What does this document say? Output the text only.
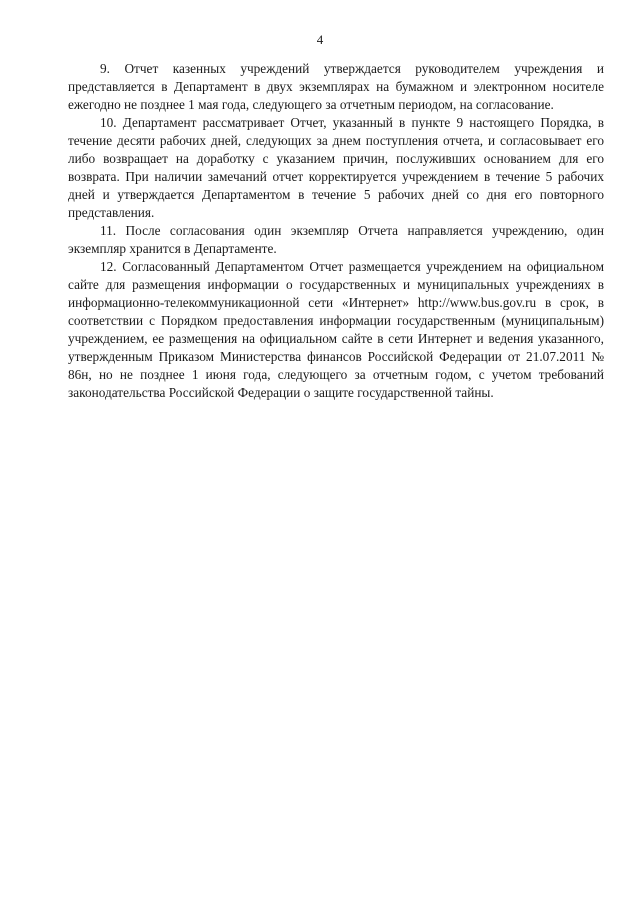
4

9. Отчет казенных учреждений утверждается руководителем учреждения и представляется в Департамент в двух экземплярах на бумажном и электронном носителе ежегодно не позднее 1 мая года, следующего за отчетным периодом, на согласование.

10. Департамент рассматривает Отчет, указанный в пункте 9 настоящего Порядка, в течение десяти рабочих дней, следующих за днем поступления отчета, и согласовывает его либо возвращает на доработку с указанием причин, послуживших основанием для его возврата. При наличии замечаний отчет корректируется учреждением в течение 5 рабочих дней и утверждается Департаментом в течение 5 рабочих дней со дня его повторного представления.

11. После согласования один экземпляр Отчета направляется учреждению, один экземпляр хранится в Департаменте.

12. Согласованный Департаментом Отчет размещается учреждением на официальном сайте для размещения информации о государственных и муниципальных учреждениях в информационно-телекоммуникационной сети «Интернет» http://www.bus.gov.ru в срок, в соответствии с Порядком предоставления информации государственным (муниципальным) учреждением, ее размещения на официальном сайте в сети Интернет и ведения указанного, утвержденным Приказом Министерства финансов Российской Федерации от 21.07.2011 № 86н, но не позднее 1 июня года, следующего за отчетным годом, с учетом требований законодательства Российской Федерации о защите государственной тайны.
